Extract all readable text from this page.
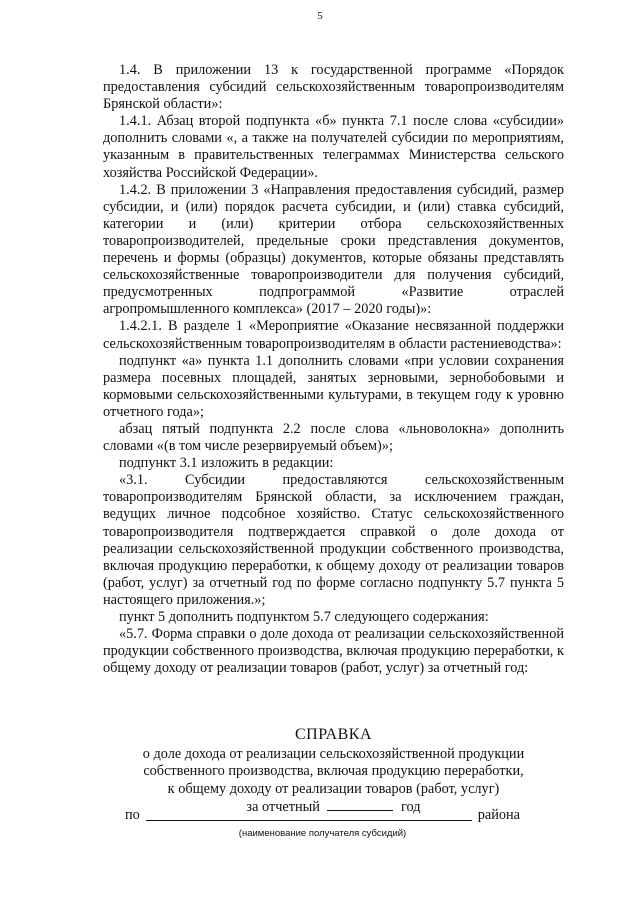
5

1.4. В приложении 13 к государственной программе «Порядок предоставления субсидий сельскохозяйственным товаропроизводителям Брянской области»:

1.4.1. Абзац второй подпункта «б» пункта 7.1 после слова «субсидии» дополнить словами «, а также на получателей субсидии по мероприятиям, указанным в правительственных телеграммах Министерства сельского хозяйства Российской Федерации».

1.4.2. В приложении 3 «Направления предоставления субсидий, размер субсидии, и (или) порядок расчета субсидии, и (или) ставка субсидий, категории и (или) критерии отбора сельскохозяйственных товаропроизводителей, предельные сроки представления документов, перечень и формы (образцы) документов, которые обязаны представлять сельскохозяйственные товаропроизводители для получения субсидий, предусмотренных подпрограммой «Развитие отраслей агропромышленного комплекса» (2017 – 2020 годы)»:

1.4.2.1. В разделе 1 «Мероприятие «Оказание несвязанной поддержки сельскохозяйственным товаропроизводителям в области растениеводства»:

подпункт «а» пункта 1.1 дополнить словами «при условии сохранения размера посевных площадей, занятых зерновыми, зернобобовыми и кормовыми сельскохозяйственными культурами, в текущем году к уровню отчетного года»;

абзац пятый подпункта 2.2 после слова «льноволокна» дополнить словами «(в том числе резервируемый объем)»;

подпункт 3.1 изложить в редакции:

«3.1. Субсидии предоставляются сельскохозяйственным товаропроизводителям Брянской области, за исключением граждан, ведущих личное подсобное хозяйство. Статус сельскохозяйственного товаропроизводителя подтверждается справкой о доле дохода от реализации сельскохозяйственной продукции собственного производства, включая продукцию переработки, к общему доходу от реализации товаров (работ, услуг) за отчетный год по форме согласно подпункту 5.7 пункта 5 настоящего приложения.»;

пункт 5 дополнить подпунктом 5.7 следующего содержания:

«5.7. Форма справки о доле дохода от реализации сельскохозяйственной продукции собственного производства, включая продукцию переработки, к общему доходу от реализации товаров (работ, услуг) за отчетный год:

СПРАВКА
о доле дохода от реализации сельскохозяйственной продукции
собственного производства, включая продукцию переработки,
к общему доходу от реализации товаров (работ, услуг)
за отчетный	год
по	района
(наименование получателя субсидий)
